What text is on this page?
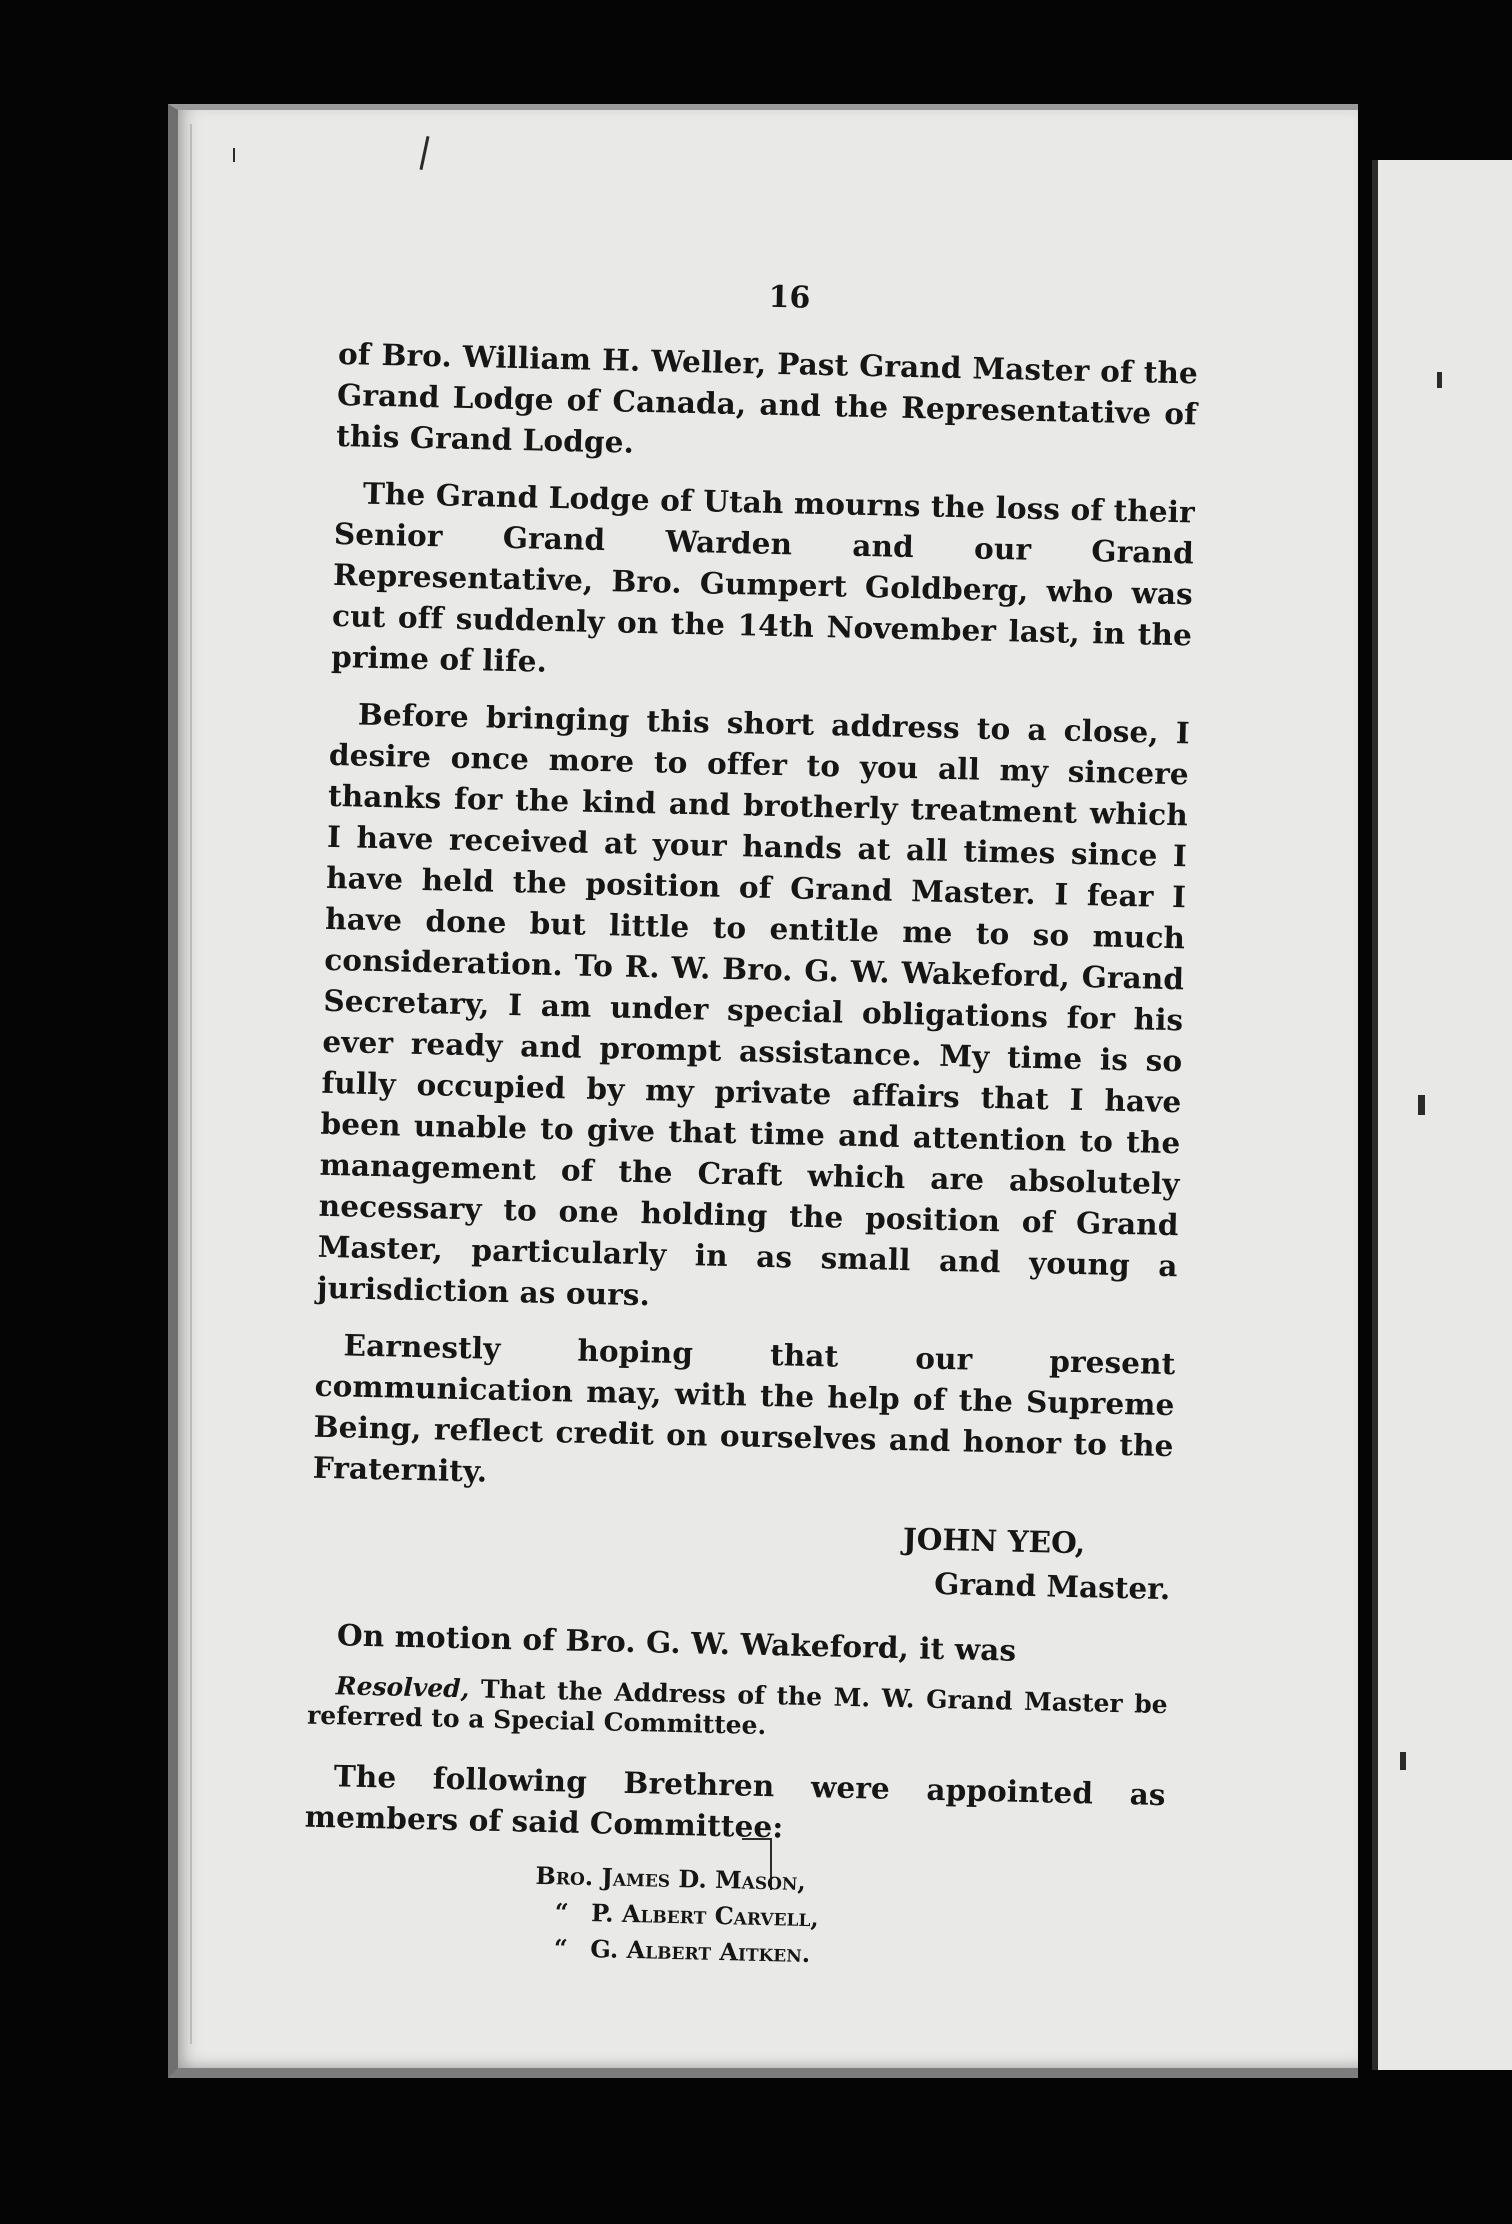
16

of Bro. William H. Weller, Past Grand Master of the Grand Lodge of Canada, and the Representative of this Grand Lodge.

The Grand Lodge of Utah mourns the loss of their Senior Grand Warden and our Grand Representative, Bro. Gumpert Goldberg, who was cut off suddenly on the 14th November last, in the prime of life.

Before bringing this short address to a close, I desire once more to offer to you all my sincere thanks for the kind and brotherly treatment which I have received at your hands at all times since I have held the position of Grand Master. I fear I have done but little to entitle me to so much consideration. To R. W. Bro. G. W. Wakeford, Grand Secretary, I am under special obligations for his ever ready and prompt assistance. My time is so fully occupied by my private affairs that I have been unable to give that time and attention to the management of the Craft which are absolutely necessary to one holding the position of Grand Master, particularly in as small and young a jurisdiction as ours.

Earnestly hoping that our present communication may, with the help of the Supreme Being, reflect credit on ourselves and honor to the Fraternity.

JOHN YEO,
Grand Master.

On motion of Bro. G. W. Wakeford, it was

Resolved, That the Address of the M. W. Grand Master be referred to a Special Committee.

The following Brethren were appointed as members of said Committee:

Bro. James D. Mason,
“ P. Albert Carvell,
“ G. Albert Aitken.
